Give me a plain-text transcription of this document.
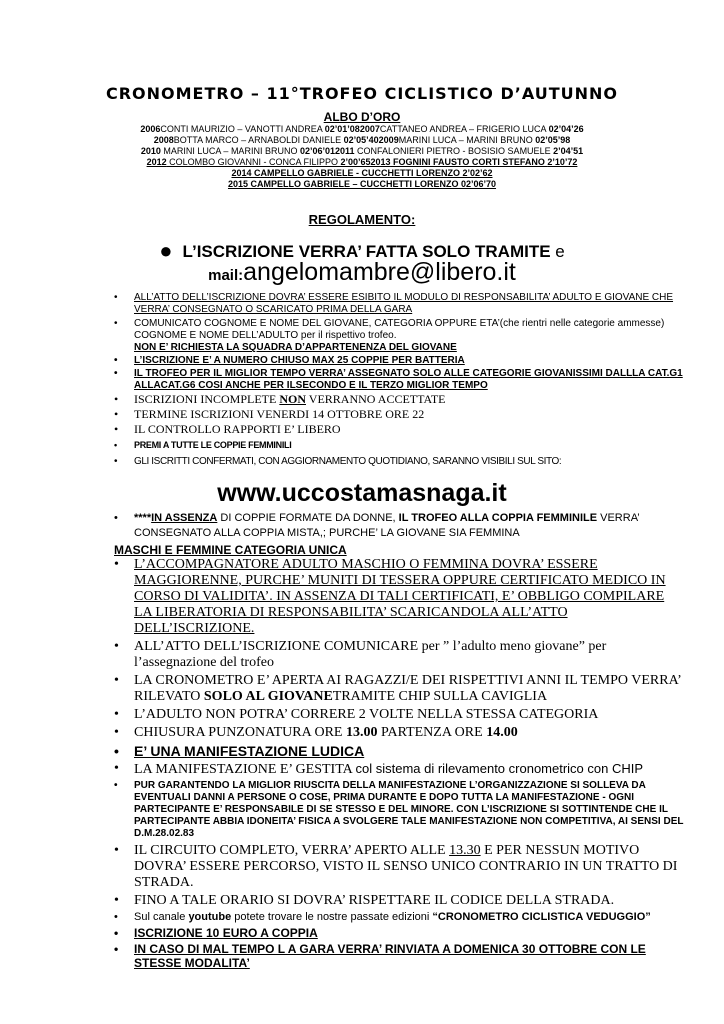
CRONOMETRO – 11°TROFEO CICLISTICO D’AUTUNNO
ALBO D’ORO
2006CONTI MAURIZIO – VANOTTI ANDREA 02’01’082007CATTANEO ANDREA – FRIGERIO LUCA 02’04’26
2008BOTTA MARCO – ARNABOLDI DANIELE 02’05’402009MARINI LUCA – MARINI BRUNO 02’05’98
2010 MARINI LUCA – MARINI BRUNO 02’06’012011 CONFALONIERI PIETRO - BOSISIO SAMUELE 2’04’51
2012 COLOMBO GIOVANNI - CONCA FILIPPO 2’00’652013 FOGNINI FAUSTO CORTI STEFANO 2’10’72
2014 CAMPELLO GABRIELE - CUCCHETTI LORENZO 2’02’62
2015 CAMPELLO GABRIELE – CUCCHETTI LORENZO 02’06’70
REGOLAMENTO:
● L’ISCRIZIONE VERRA’ FATTA SOLO TRAMITE e
mail:angelomambre@libero.it
• ALL’ATTO DELL’ISCRIZIONE DOVRA’ ESSERE ESIBITO IL MODULO DI RESPONSABILITA’ ADULTO E GIOVANE CHE VERRA’ CONSEGNATO O SCARICATO PRIMA DELLA GARA
• COMUNICATO COGNOME E NOME DEL GIOVANE, CATEGORIA OPPURE ETA’(che rientri nelle categorie ammesse) COGNOME E NOME DELL’ADULTO per il rispettivo trofeo.
NON E’ RICHIESTA LA SQUADRA D’APPARTENENZA DEL GIOVANE
• L’ISCRIZIONE E’ A NUMERO CHIUSO MAX 25 COPPIE PER BATTERIA
• IL TROFEO PER IL MIGLIOR TEMPO VERRA’ ASSEGNATO SOLO ALLE CATEGORIE GIOVANISSIMI DALLLA CAT.G1 ALLACAT.G6 COSI ANCHE PER ILSECONDO E IL TERZO MIGLIOR TEMPO
• ISCRIZIONI INCOMPLETE NON VERRANNO ACCETTATE
• TERMINE ISCRIZIONI VENERDI 14 OTTOBRE ORE 22
• IL CONTROLLO RAPPORTI E’ LIBERO
• PREMI A TUTTE LE COPPIE FEMMINILI
• GLI ISCRITTI CONFERMATI, CON AGGIORNAMENTO QUOTIDIANO, SARANNO VISIBILI SUL SITO:
www.uccostamasnaga.it
• ****IN ASSENZA DI COPPIE FORMATE DA DONNE, IL TROFEO ALLA COPPIA FEMMINILE VERRA’ CONSEGNATO ALLA COPPIA MISTA,; PURCHE’ LA GIOVANE SIA FEMMINA
MASCHI E FEMMINE CATEGORIA UNICA
• L’ACCOMPAGNATORE ADULTO MASCHIO O FEMMINA DOVRA’ ESSERE MAGGIORENNE, PURCHE’ MUNITI DI TESSERA OPPURE CERTIFICATO MEDICO IN CORSO DI VALIDITA’. IN ASSENZA DI TALI CERTIFICATI, E’ OBBLIGO COMPILARE LA LIBERATORIA DI RESPONSABILITA’ SCARICANDOLA ALL’ATTO DELL’ISCRIZIONE.
• ALL’ATTO DELL’ISCRIZIONE COMUNICARE per ” l’adulto meno giovane” per l’assegnazione del trofeo
• LA CRONOMETRO E’ APERTA AI RAGAZZI/E DEI RISPETTIVI ANNI IL TEMPO VERRA’ RILEVATO SOLO AL GIOVANETRAMITE CHIP SULLA CAVIGLIA
• L’ADULTO NON POTRA’ CORRERE 2 VOLTE NELLA STESSA CATEGORIA
• CHIUSURA PUNZONATURA ORE 13.00 PARTENZA ORE 14.00
• E’ UNA MANIFESTAZIONE LUDICA
• LA MANIFESTAZIONE E’ GESTITA col sistema di rilevamento cronometrico con CHIP
• PUR GARANTENDO LA MIGLIOR RIUSCITA DELLA MANIFESTAZIONE L’ORGANIZZAZIONE SI SOLLEVA DA EVENTUALI DANNI A PERSONE O COSE, PRIMA DURANTE E DOPO TUTTA LA MANIFESTAZIONE - OGNI PARTECIPANTE E’ RESPONSABILE DI SE STESSO E DEL MINORE. CON L’ISCRIZIONE SI SOTTINTENDE CHE IL PARTECIPANTE ABBIA IDONEITA’ FISICA A SVOLGERE TALE MANIFESTAZIONE NON COMPETITIVA, AI SENSI DEL D.M.28.02.83
• IL CIRCUITO COMPLETO, VERRA’ APERTO ALLE 13.30 E PER NESSUN MOTIVO DOVRA’ ESSERE PERCORSO, VISTO IL SENSO UNICO CONTRARIO IN UN TRATTO DI STRADA.
• FINO A TALE ORARIO SI DOVRA’ RISPETTARE IL CODICE DELLA STRADA.
• Sul canale youtube potete trovare le nostre passate edizioni “CRONOMETRO CICLISTICA VEDUGGIO”
• ISCRIZIONE 10 EURO A COPPIA
• IN CASO DI MAL TEMPO L A GARA VERRA’ RINVIATA A DOMENICA 30 OTTOBRE CON LE STESSE MODALITA’
